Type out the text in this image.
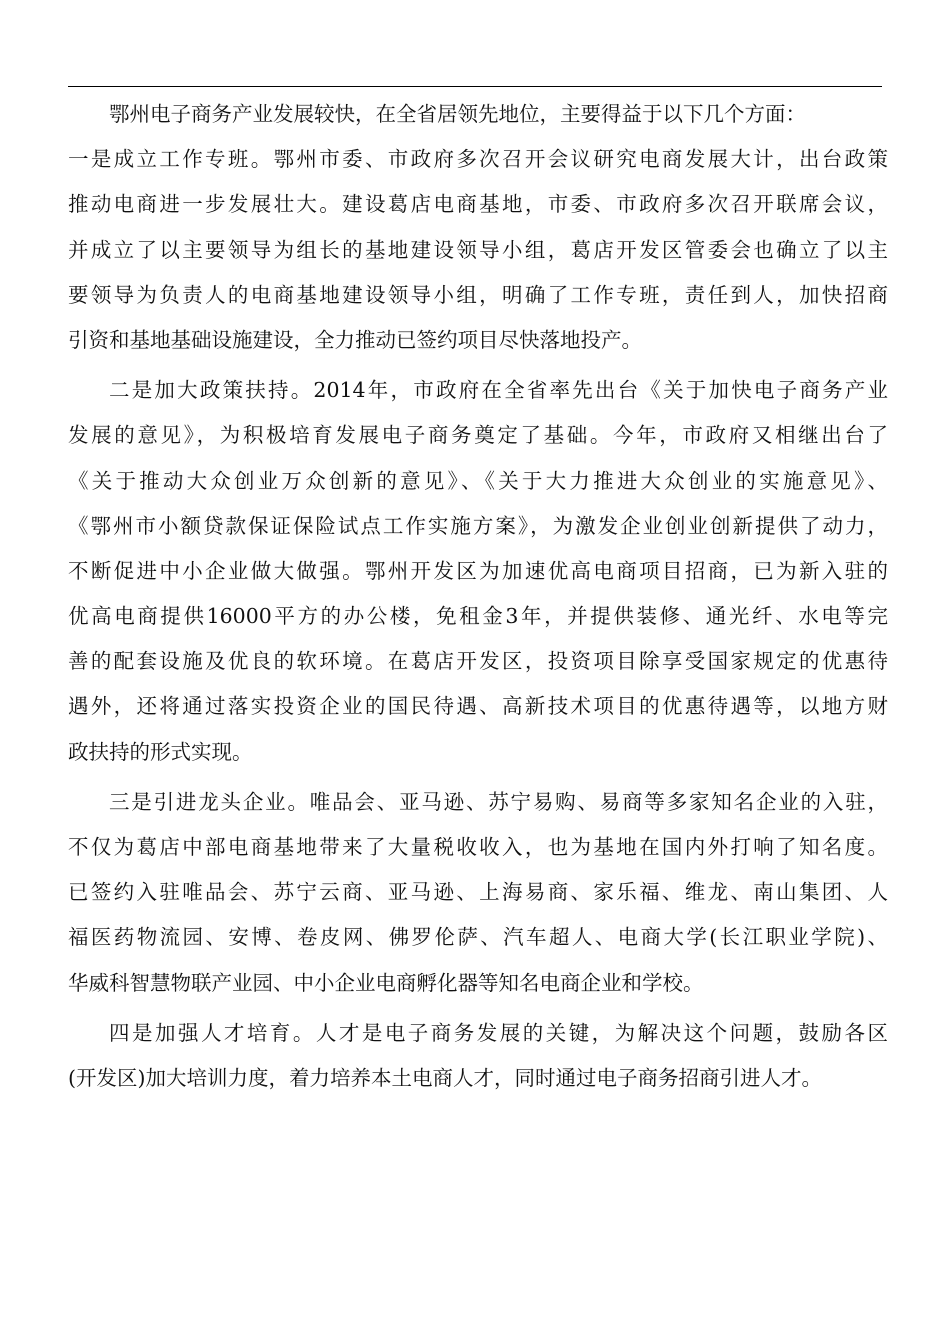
鄂州电子商务产业发展较快，在全省居领先地位，主要得益于以下几个方面：
一是成立工作专班。鄂州市委、市政府多次召开会议研究电商发展大计，出台政策
推动电商进一步发展壮大。建设葛店电商基地，市委、市政府多次召开联席会议，
并成立了以主要领导为组长的基地建设领导小组，葛店开发区管委会也确立了以主
要领导为负责人的电商基地建设领导小组，明确了工作专班，责任到人，加快招商
引资和基地基础设施建设，全力推动已签约项目尽快落地投产。
二是加大政策扶持。2014年，市政府在全省率先出台《关于加快电子商务产业
发展的意见》，为积极培育发展电子商务奠定了基础。今年，市政府又相继出台了
《关于推动大众创业万众创新的意见》、《关于大力推进大众创业的实施意见》、
《鄂州市小额贷款保证保险试点工作实施方案》，为激发企业创业创新提供了动力，
不断促进中小企业做大做强。鄂州开发区为加速优高电商项目招商，已为新入驻的
优高电商提供16000平方的办公楼，免租金3年，并提供装修、通光纤、水电等完
善的配套设施及优良的软环境。在葛店开发区，投资项目除享受国家规定的优惠待
遇外，还将通过落实投资企业的国民待遇、高新技术项目的优惠待遇等，以地方财
政扶持的形式实现。
三是引进龙头企业。唯品会、亚马逊、苏宁易购、易商等多家知名企业的入驻，
不仅为葛店中部电商基地带来了大量税收收入，也为基地在国内外打响了知名度。
已签约入驻唯品会、苏宁云商、亚马逊、上海易商、家乐福、维龙、南山集团、人
福医药物流园、安博、卷皮网、佛罗伦萨、汽车超人、电商大学(长江职业学院)、
华威科智慧物联产业园、中小企业电商孵化器等知名电商企业和学校。
四是加强人才培育。人才是电子商务发展的关键，为解决这个问题，鼓励各区
(开发区)加大培训力度，着力培养本土电商人才，同时通过电子商务招商引进人才。
